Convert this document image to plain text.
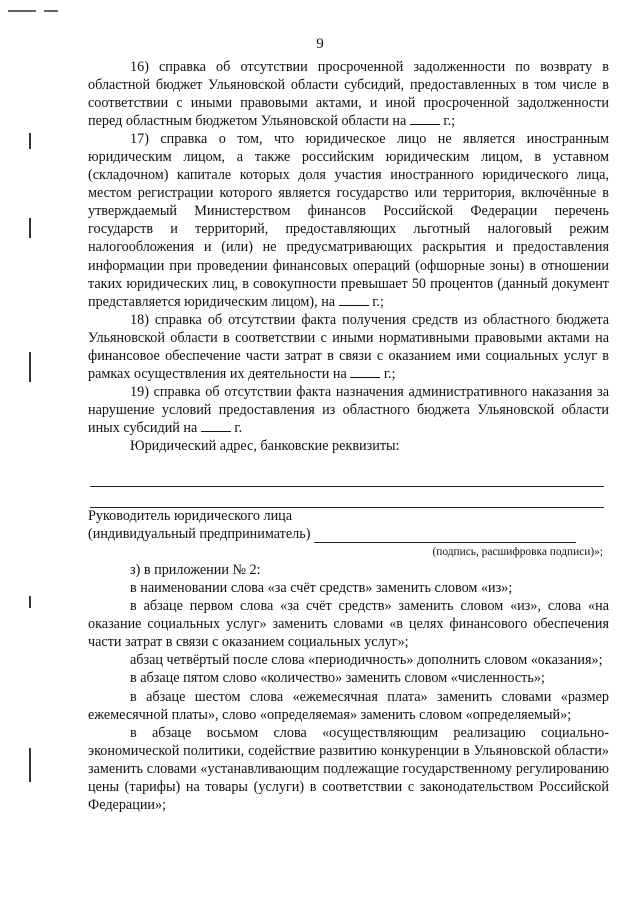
9

16) справка об отсутствии просроченной задолженности по возврату в областной бюджет Ульяновской области субсидий, предоставленных в том числе в соответствии с иными правовыми актами, и иной просроченной задолженности перед областным бюджетом Ульяновской области на	г.;

17) справка о том, что юридическое лицо не является иностранным юридическим лицом, а также российским юридическим лицом, в уставном (складочном) капитале которых доля участия иностранного юридического лица, местом регистрации которого является государство или территория, включённые в утверждаемый Министерством финансов Российской Федерации перечень государств и территорий, предоставляющих льготный налоговый режим налогообложения и (или) не предусматривающих раскрытия и предоставления информации при проведении финансовых операций (офшорные зоны) в отношении таких юридических лиц, в совокупности превышает 50 процентов (данный документ представляется юридическим лицом), на	г.;

18) справка об отсутствии факта получения средств из областного бюджета Ульяновской области в соответствии с иными нормативными правовыми актами на финансовое обеспечение части затрат в связи с оказанием ими социальных услуг в рамках осуществления их деятельности на	г.;

19) справка об отсутствии факта назначения административного наказания за нарушение условий предоставления из областного бюджета Ульяновской области иных субсидий на	г.

Юридический адрес, банковские реквизиты:

Руководитель юридического лица

(индивидуальный предприниматель)

(подпись, расшифровка подписи)»;

з) в приложении № 2:

в наименовании слова «за счёт средств» заменить словом «из»;

в абзаце первом слова «за счёт средств» заменить словом «из», слова «на оказание социальных услуг» заменить словами «в целях финансового обеспечения части затрат в связи с оказанием социальных услуг»;

абзац четвёртый после слова «периодичность» дополнить словом «оказания»;

в абзаце пятом слово «количество» заменить словом «численность»;

в абзаце шестом слова «ежемесячная плата» заменить словами «размер ежемесячной платы», слово «определяемая» заменить словом «определяемый»;

в абзаце восьмом слова «осуществляющим реализацию социально-экономической политики, содействие развитию конкуренции в Ульяновской области» заменить словами «устанавливающим подлежащие государственному регулированию цены (тарифы) на товары (услуги) в соответствии с законодательством Российской Федерации»;
